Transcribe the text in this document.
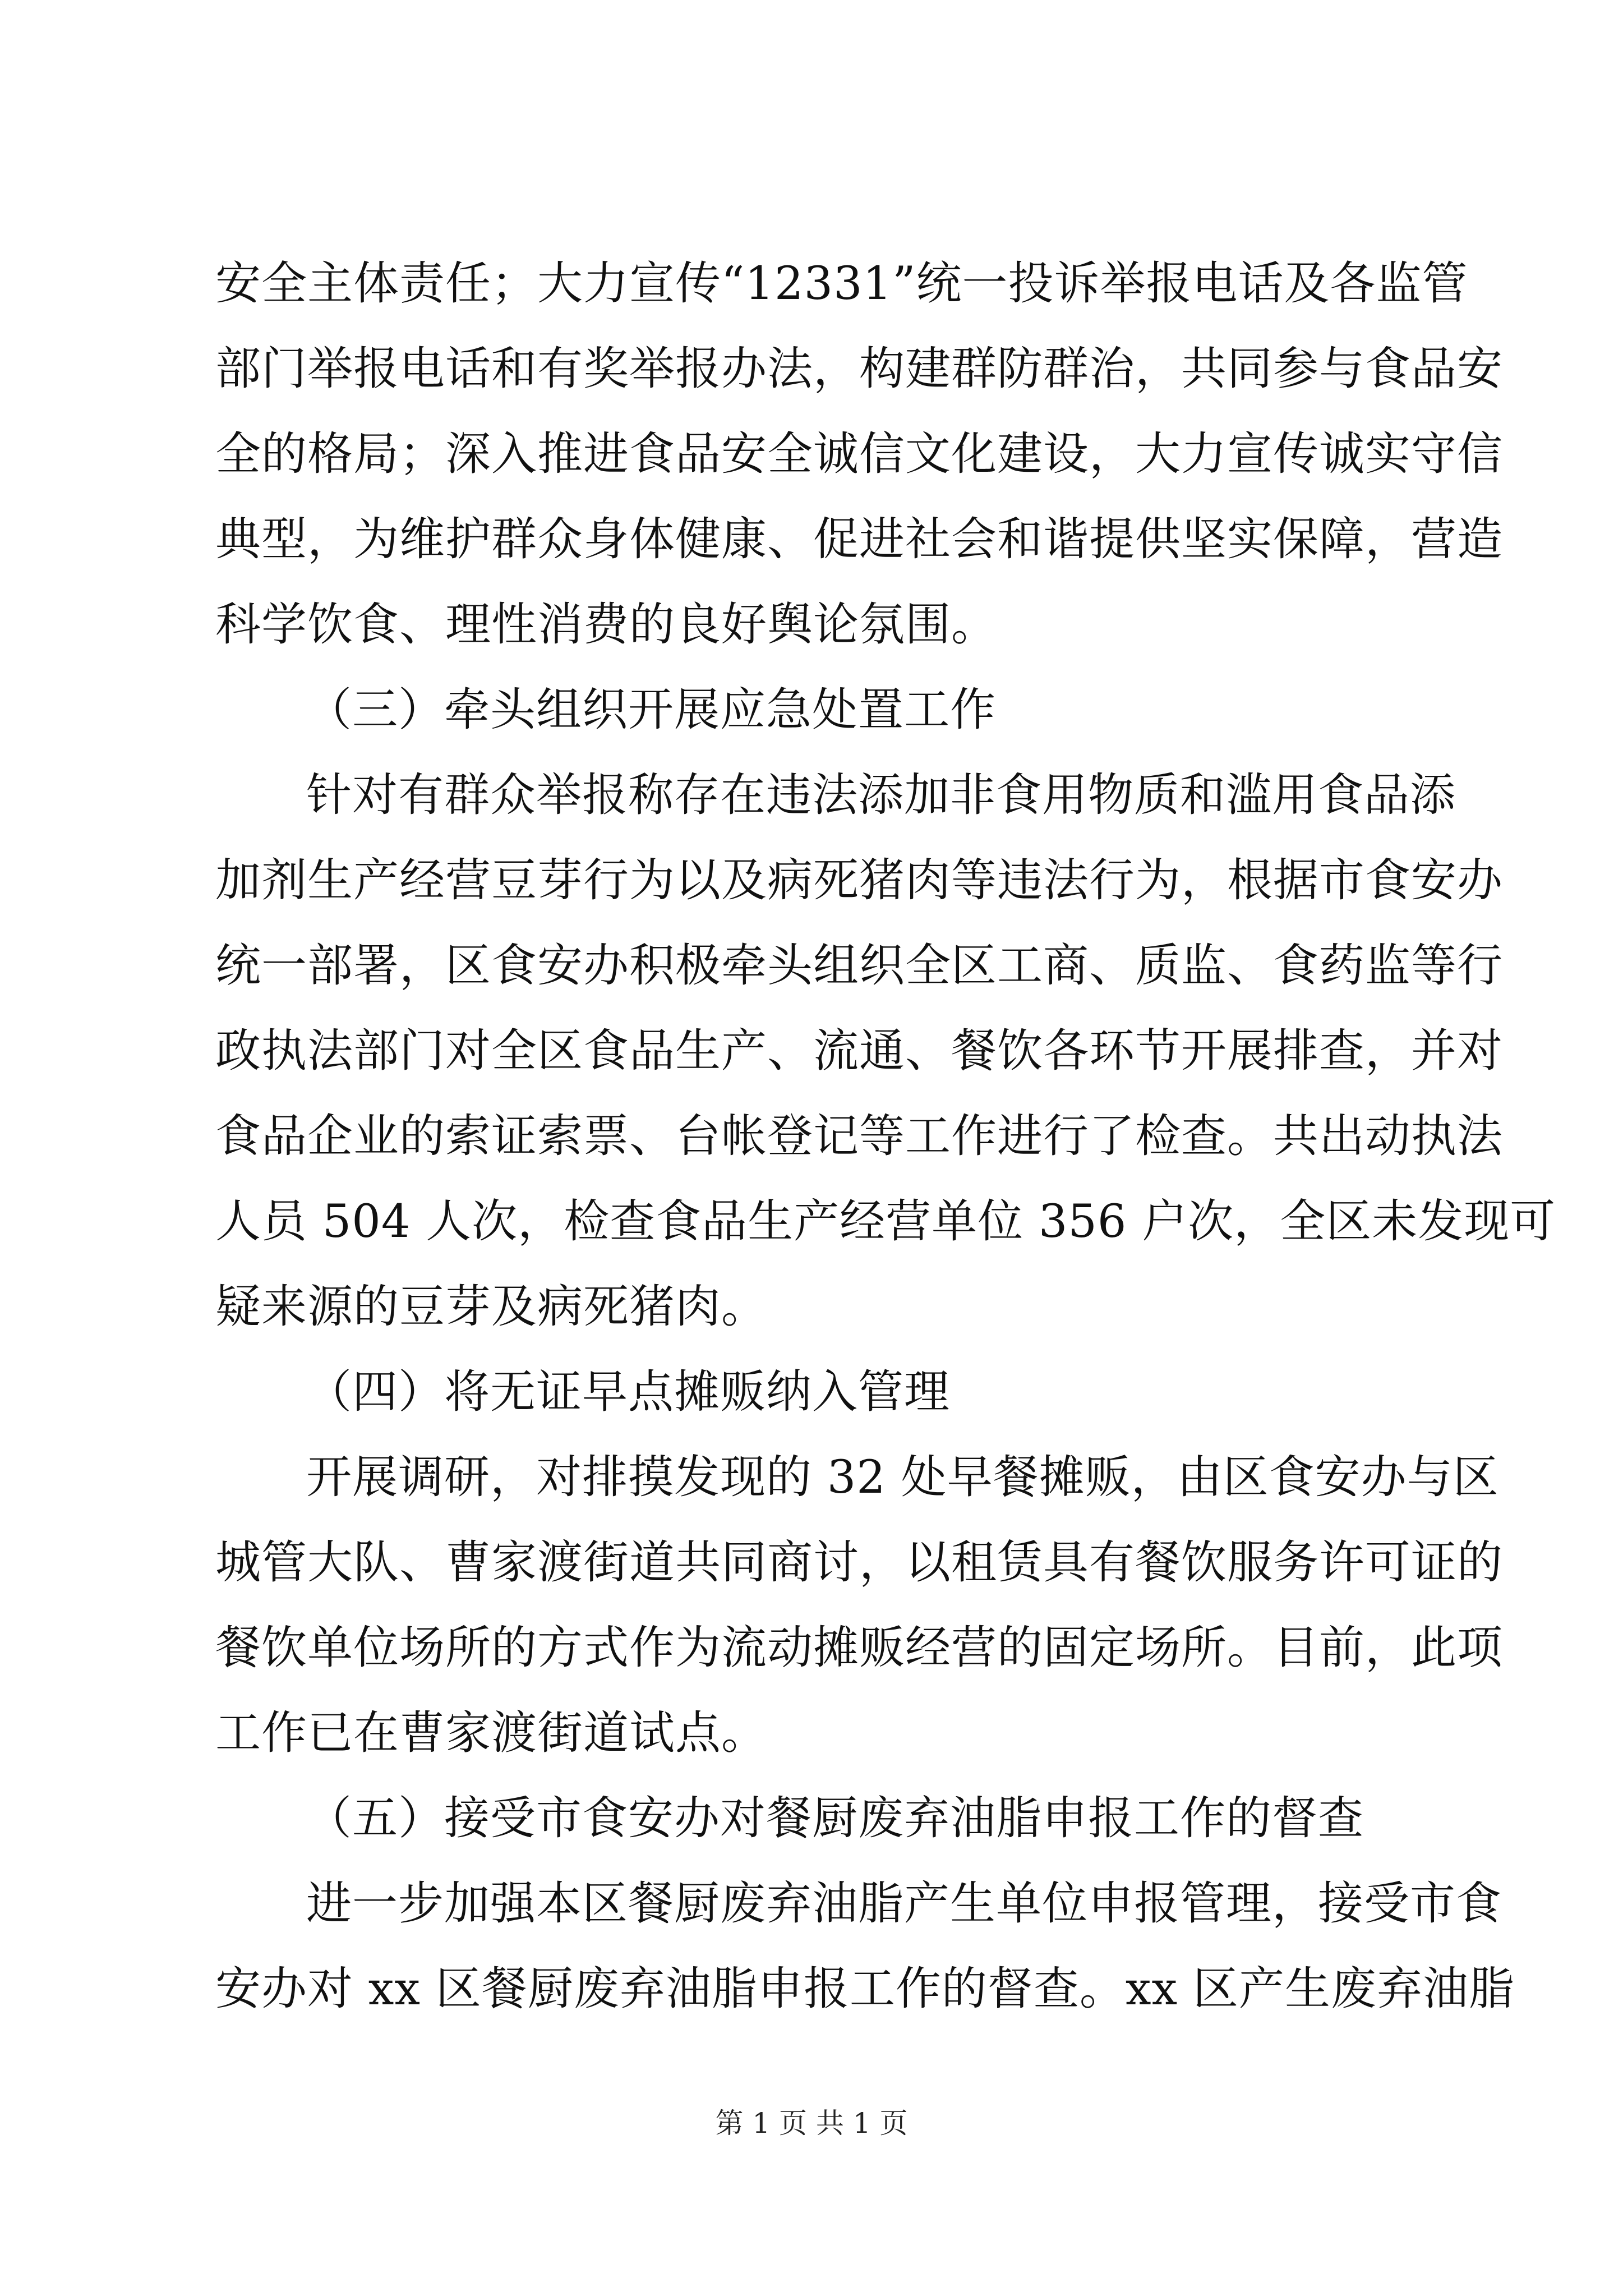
安全主体责任；大力宣传“12331”统一投诉举报电话及各监管
部门举报电话和有奖举报办法，构建群防群治，共同参与食品安
全的格局；深入推进食品安全诚信文化建设，大力宣传诚实守信
典型，为维护群众身体健康、促进社会和谐提供坚实保障，营造
科学饮食、理性消费的良好舆论氛围。
（三）牵头组织开展应急处置工作
针对有群众举报称存在违法添加非食用物质和滥用食品添
加剂生产经营豆芽行为以及病死猪肉等违法行为，根据市食安办
统一部署，区食安办积极牵头组织全区工商、质监、食药监等行
政执法部门对全区食品生产、流通、餐饮各环节开展排查，并对
食品企业的索证索票、台帐登记等工作进行了检查。共出动执法
人员 504 人次，检查食品生产经营单位 356 户次，全区未发现可
疑来源的豆芽及病死猪肉。
（四）将无证早点摊贩纳入管理
开展调研，对排摸发现的 32 处早餐摊贩，由区食安办与区
城管大队、曹家渡街道共同商讨，以租赁具有餐饮服务许可证的
餐饮单位场所的方式作为流动摊贩经营的固定场所。目前，此项
工作已在曹家渡街道试点。
（五）接受市食安办对餐厨废弃油脂申报工作的督查
进一步加强本区餐厨废弃油脂产生单位申报管理，接受市食
安办对 xx 区餐厨废弃油脂申报工作的督查。xx 区产生废弃油脂
第 1 页 共 1 页
